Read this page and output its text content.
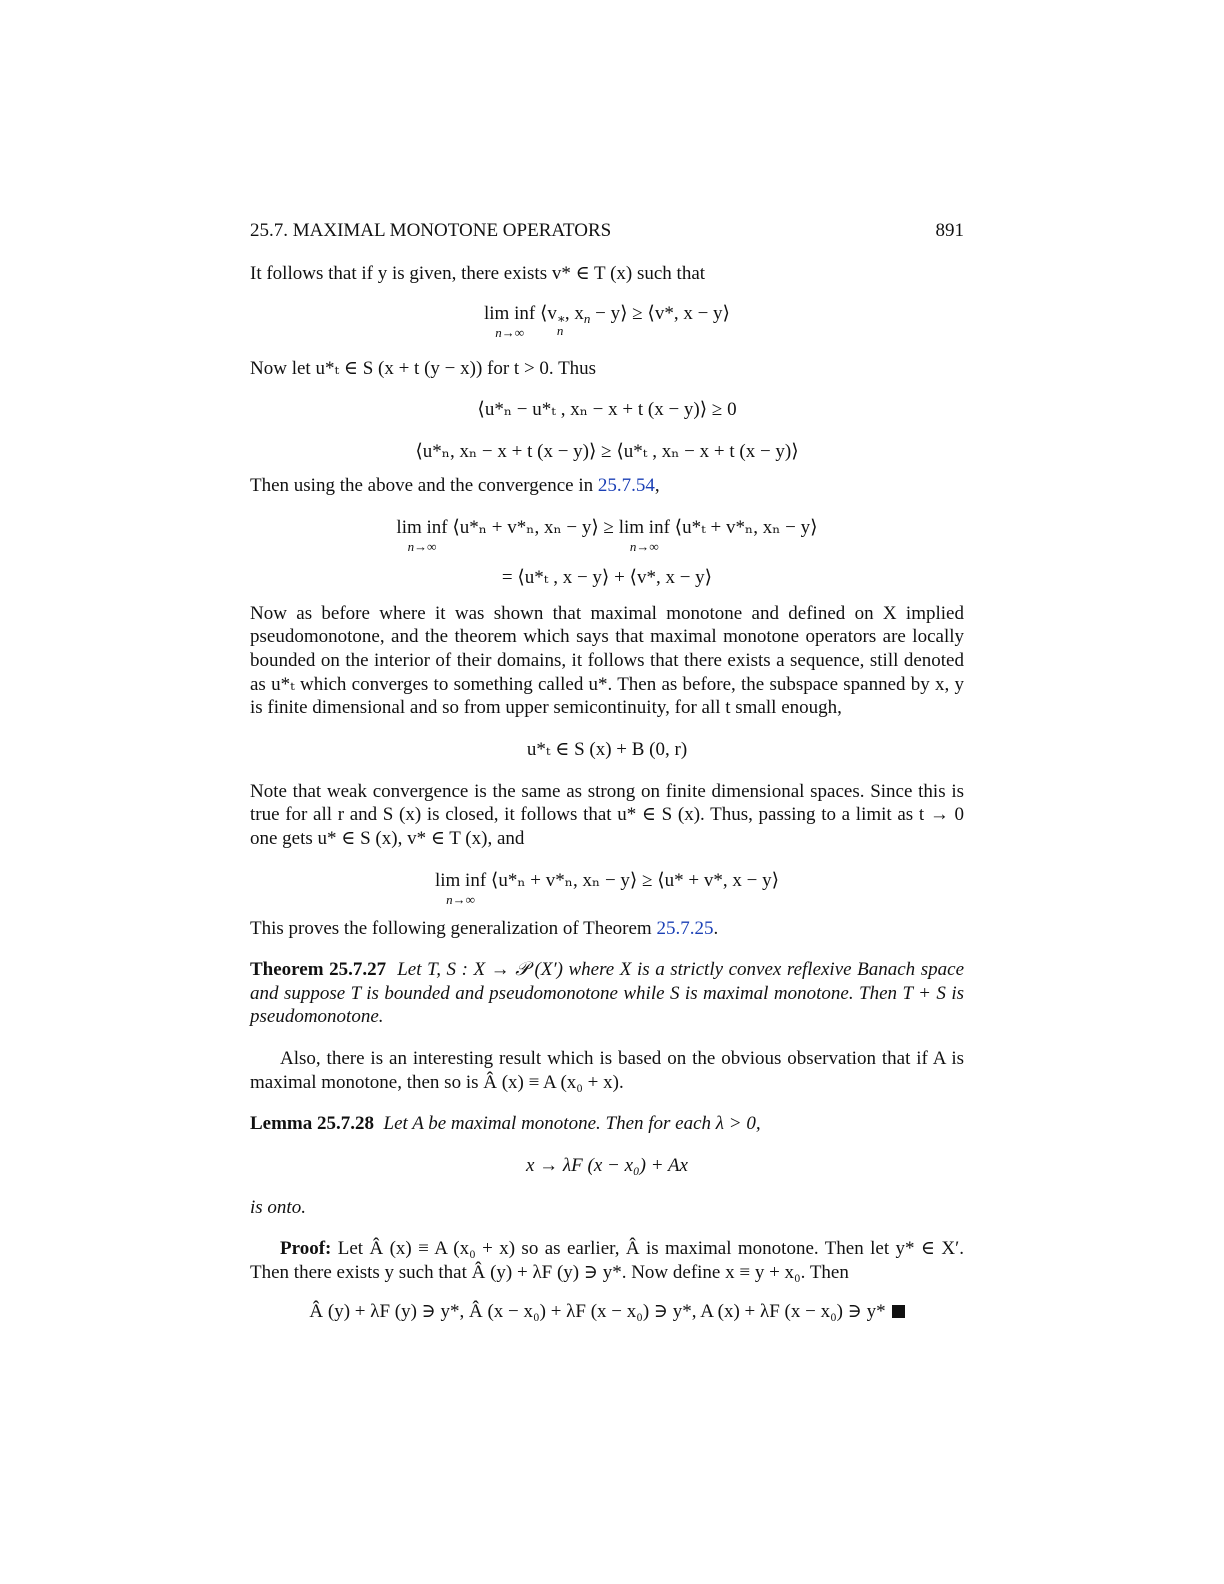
25.7. MAXIMAL MONOTONE OPERATORS	891

It follows that if y is given, there exists v* ∈ T (x) such that

lim inf
n→∞
⟨v ∗
n
, $x_n$ − y⟩ ≥ ⟨v*, x − y⟩

Now let u*ₜ ∈ S (x + t (y − x)) for t > 0. Thus

⟨u*ₙ − u*ₜ , xₙ − x + t (x − y)⟩ ≥ 0
⟨u*ₙ, xₙ − x + t (x − y)⟩ ≥ ⟨u*ₜ , xₙ − x + t (x − y)⟩

Then using the above and the convergence in 25.7.54,

lim inf
n→∞
⟨u*ₙ + v*ₙ, xₙ − y⟩ ≥ lim inf
n→∞
⟨u*ₜ + v*ₙ, xₙ − y⟩
= ⟨u*ₜ , x − y⟩ + ⟨v*, x − y⟩

Now as before where it was shown that maximal monotone and defined on X implied pseudomonotone, and the theorem which says that maximal monotone operators are locally bounded on the interior of their domains, it follows that there exists a sequence, still denoted as u*ₜ which converges to something called u*. Then as before, the subspace spanned by x, y is finite dimensional and so from upper semicontinuity, for all t small enough,

u*ₜ ∈ S (x) + B (0, r)

Note that weak convergence is the same as strong on finite dimensional spaces. Since this is true for all r and S (x) is closed, it follows that u* ∈ S (x). Thus, passing to a limit as t → 0 one gets u* ∈ S (x), v* ∈ T (x), and

lim inf
n→∞
⟨u*ₙ + v*ₙ, xₙ − y⟩ ≥ ⟨u* + v*, x − y⟩

This proves the following generalization of Theorem 25.7.25.

Theorem 25.7.27 Let T, S : X → 𝒫 (X′) where X is a strictly convex reflexive Banach space and suppose T is bounded and pseudomonotone while S is maximal monotone. Then T + S is pseudomonotone.

Also, there is an interesting result which is based on the obvious observation that if A is maximal monotone, then so is Â (x) ≡ A (x₀ + x).

Lemma 25.7.28 Let A be maximal monotone. Then for each λ > 0,

x → λF (x − x₀) + Ax

is onto.

Proof: Let Â (x) ≡ A (x₀ + x) so as earlier, Â is maximal monotone. Then let y* ∈ X′. Then there exists y such that Â (y) + λF (y) ∋ y*. Now define x ≡ y + x₀. Then

Â (y) + λF (y) ∋ y*, Â (x − x₀) + λF (x − x₀) ∋ y*, A (x) + λF (x − x₀) ∋ y*
